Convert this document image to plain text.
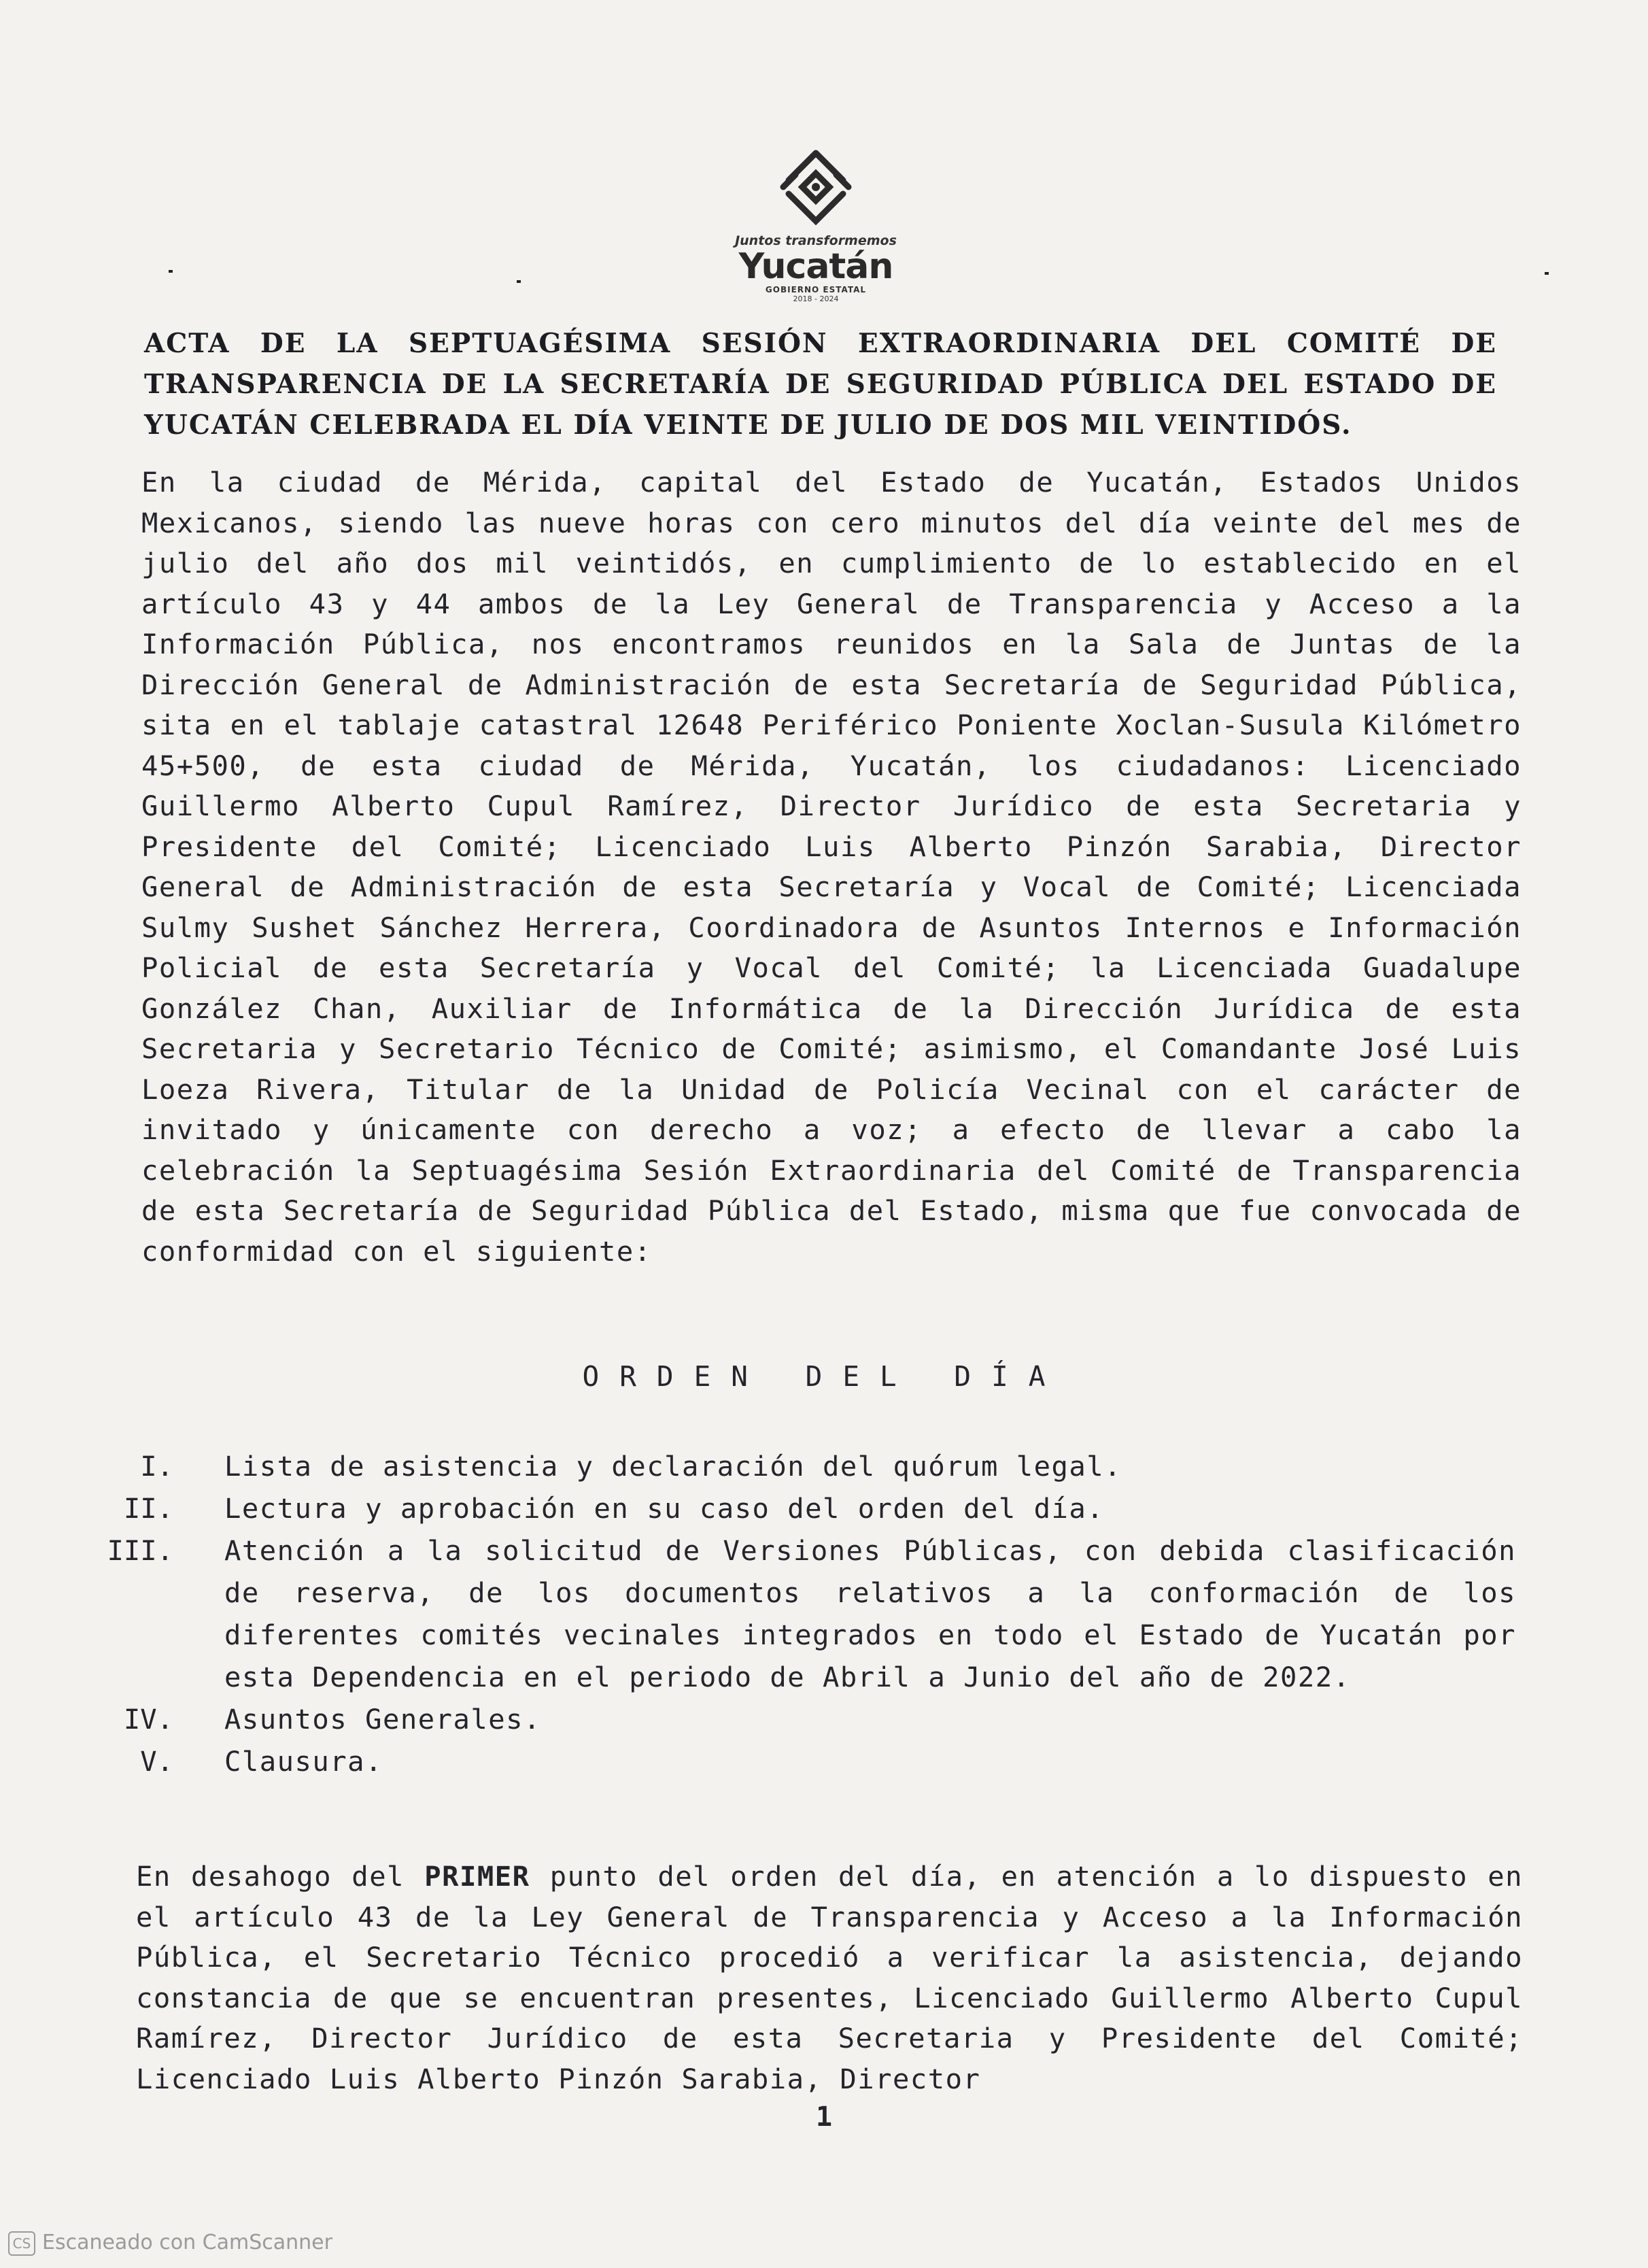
Juntos transformemos
Yucatán
GOBIERNO ESTATAL
2018 - 2024
ACTA DE LA SEPTUAGÉSIMA SESIÓN EXTRAORDINARIA DEL COMITÉ DE TRANSPARENCIA DE LA SECRETARÍA DE SEGURIDAD PÚBLICA DEL ESTADO DE YUCATÁN CELEBRADA EL DÍA VEINTE DE JULIO DE DOS MIL VEINTIDÓS.
En la ciudad de Mérida, capital del Estado de Yucatán, Estados Unidos Mexicanos, siendo las nueve horas con cero minutos del día veinte del mes de julio del año dos mil veintidós, en cumplimiento de lo establecido en el artículo 43 y 44 ambos de la Ley General de Transparencia y Acceso a la Información Pública, nos encontramos reunidos en la Sala de Juntas de la Dirección General de Administración de esta Secretaría de Seguridad Pública, sita en el tablaje catastral 12648 Periférico Poniente Xoclan-Susula Kilómetro 45+500, de esta ciudad de Mérida, Yucatán, los ciudadanos: Licenciado Guillermo Alberto Cupul Ramírez, Director Jurídico de esta Secretaria y Presidente del Comité; Licenciado Luis Alberto Pinzón Sarabia, Director General de Administración de esta Secretaría y Vocal de Comité; Licenciada Sulmy Sushet Sánchez Herrera, Coordinadora de Asuntos Internos e Información Policial de esta Secretaría y Vocal del Comité; la Licenciada Guadalupe González Chan, Auxiliar de Informática de la Dirección Jurídica de esta Secretaria y Secretario Técnico de Comité; asimismo, el Comandante José Luis Loeza Rivera, Titular de la Unidad de Policía Vecinal con el carácter de invitado y únicamente con derecho a voz; a efecto de llevar a cabo la celebración la Septuagésima Sesión Extraordinaria del Comité de Transparencia de esta Secretaría de Seguridad Pública del Estado, misma que fue convocada de conformidad con el siguiente:
ORDEN DEL DÍA
I. Lista de asistencia y declaración del quórum legal.
II. Lectura y aprobación en su caso del orden del día.
III. Atención a la solicitud de Versiones Públicas, con debida clasificación de reserva, de los documentos relativos a la conformación de los diferentes comités vecinales integrados en todo el Estado de Yucatán por esta Dependencia en el periodo de Abril a Junio del año de 2022.
IV. Asuntos Generales.
V. Clausura.
En desahogo del PRIMER punto del orden del día, en atención a lo dispuesto en el artículo 43 de la Ley General de Transparencia y Acceso a la Información Pública, el Secretario Técnico procedió a verificar la asistencia, dejando constancia de que se encuentran presentes, Licenciado Guillermo Alberto Cupul Ramírez, Director Jurídico de esta Secretaria y Presidente del Comité; Licenciado Luis Alberto Pinzón Sarabia, Director
1
CS Escaneado con CamScanner
